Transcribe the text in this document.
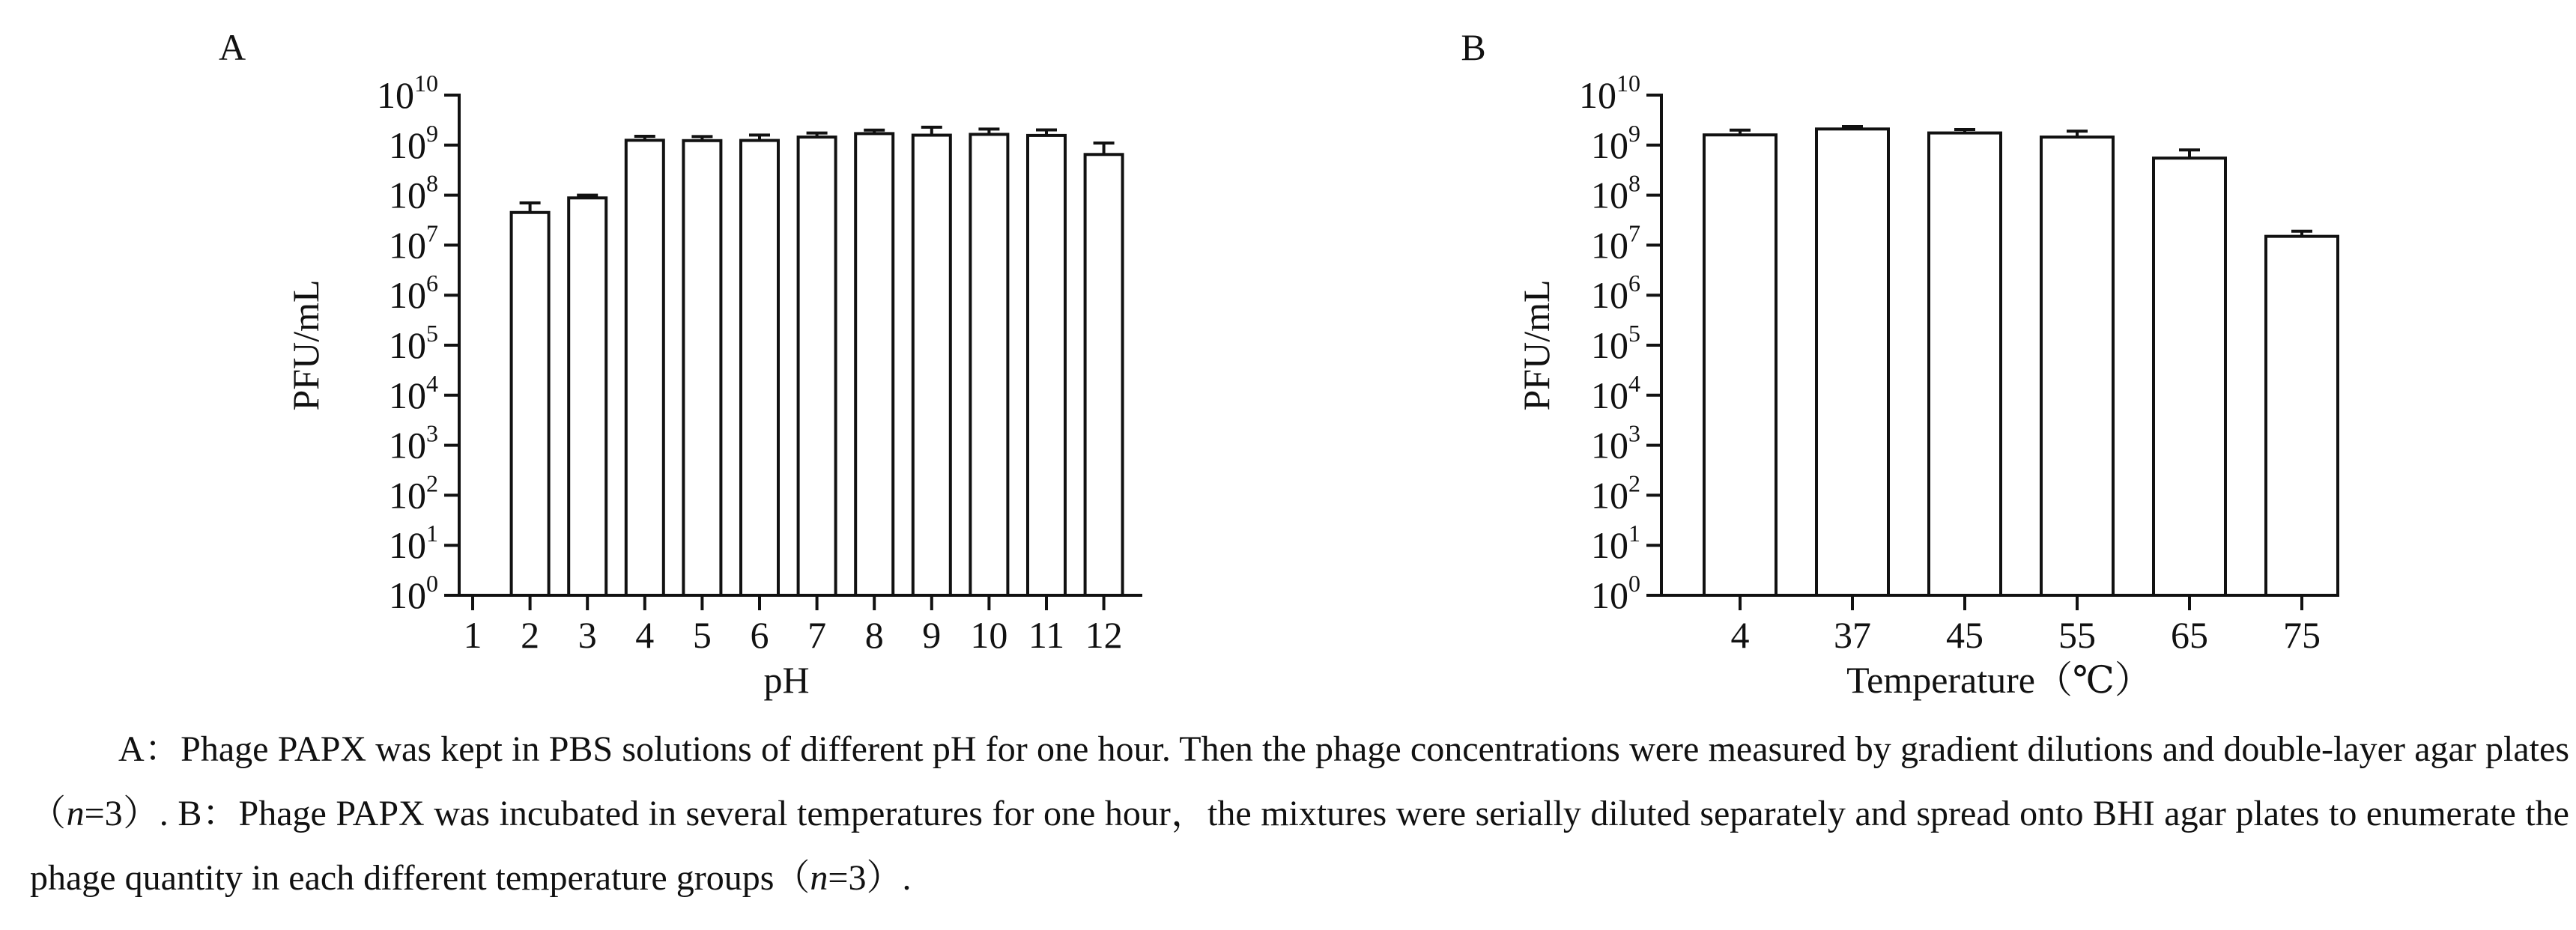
A
$10^0$
$10^1$
$10^2$
$10^3$
$10^4$
$10^5$
$10^6$
$10^7$
$10^8$
$10^9$
$10^{10}$
1 2 3 4 5 6 7 8 9 10 11 12
PFU/mL
pH
B
$10^0$
$10^1$
$10^2$
$10^3$
$10^4$
$10^5$
$10^6$
$10^7$
$10^8$
$10^9$
$10^{10}$
4 37 45 55 65 75
PFU/mL
Temperature（℃）

A：Phage PAPX was kept in PBS solutions of different pH for one hour. Then the phage concentrations were measured by gradient dilutions and double-layer agar plates（n=3）. B：Phage PAPX was incubated in several temperatures for one hour，the mixtures were serially diluted separately and spread onto BHI agar plates to enumerate the phage quantity in each different temperature groups（n=3）.
